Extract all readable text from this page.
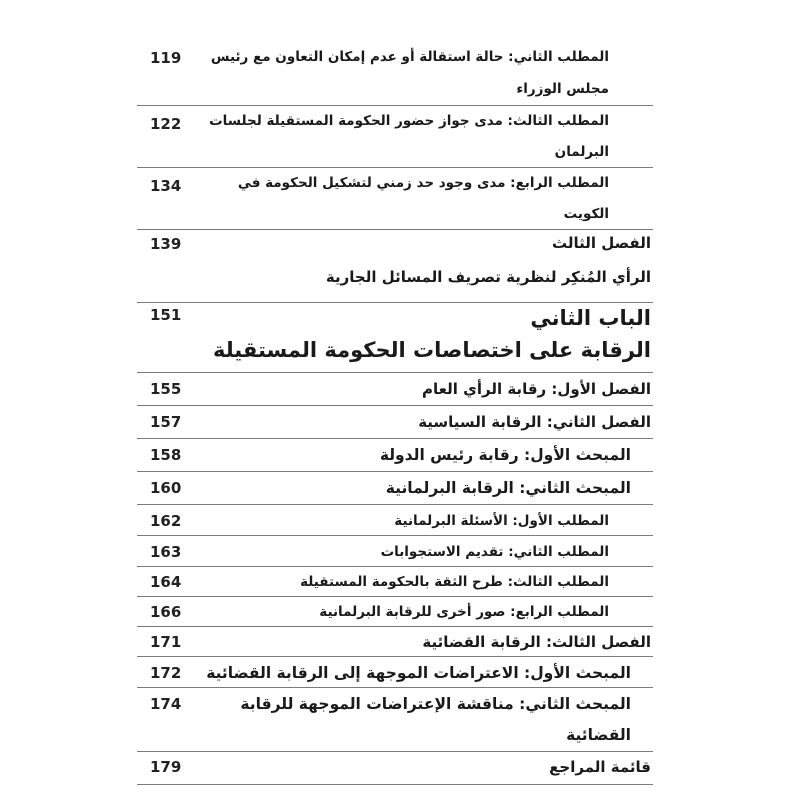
119 المطلب الثاني: حالة استقالة أو عدم إمكان التعاون مع رئيس
مجلس الوزراء
122 المطلب الثالث: مدى جواز حضور الحكومة المستقيلة لجلسات
البرلمان
134	المطلب الرابع: مدى وجود حد زمني لتشكيل الحكومة في
الكويت
139	الفصل الثالث
الرأي المُنكِر لنظرية تصريف المسائل الجارية
151	الباب الثاني
الرقابة على اختصاصات الحكومة المستقيلة
155	الفصل الأول: رقابة الرأي العام
157	الفصل الثاني: الرقابة السياسية
158	المبحث الأول: رقابة رئيس الدولة
160	المبحث الثاني: الرقابة البرلمانية
162	المطلب الأول: الأسئلة البرلمانية
163	المطلب الثاني: تقديم الاستجوابات
164	المطلب الثالث: طرح الثقة بالحكومة المستقيلة
166	المطلب الرابع: صور أخرى للرقابة البرلمانية
171	الفصل الثالث: الرقابة القضائية
172 المبحث الأول: الاعتراضات الموجهة إلى الرقابة القضائية
174	المبحث الثاني: مناقشة الإعتراضات الموجهة للرقابة
القضائية
179	قائمة المراجع
